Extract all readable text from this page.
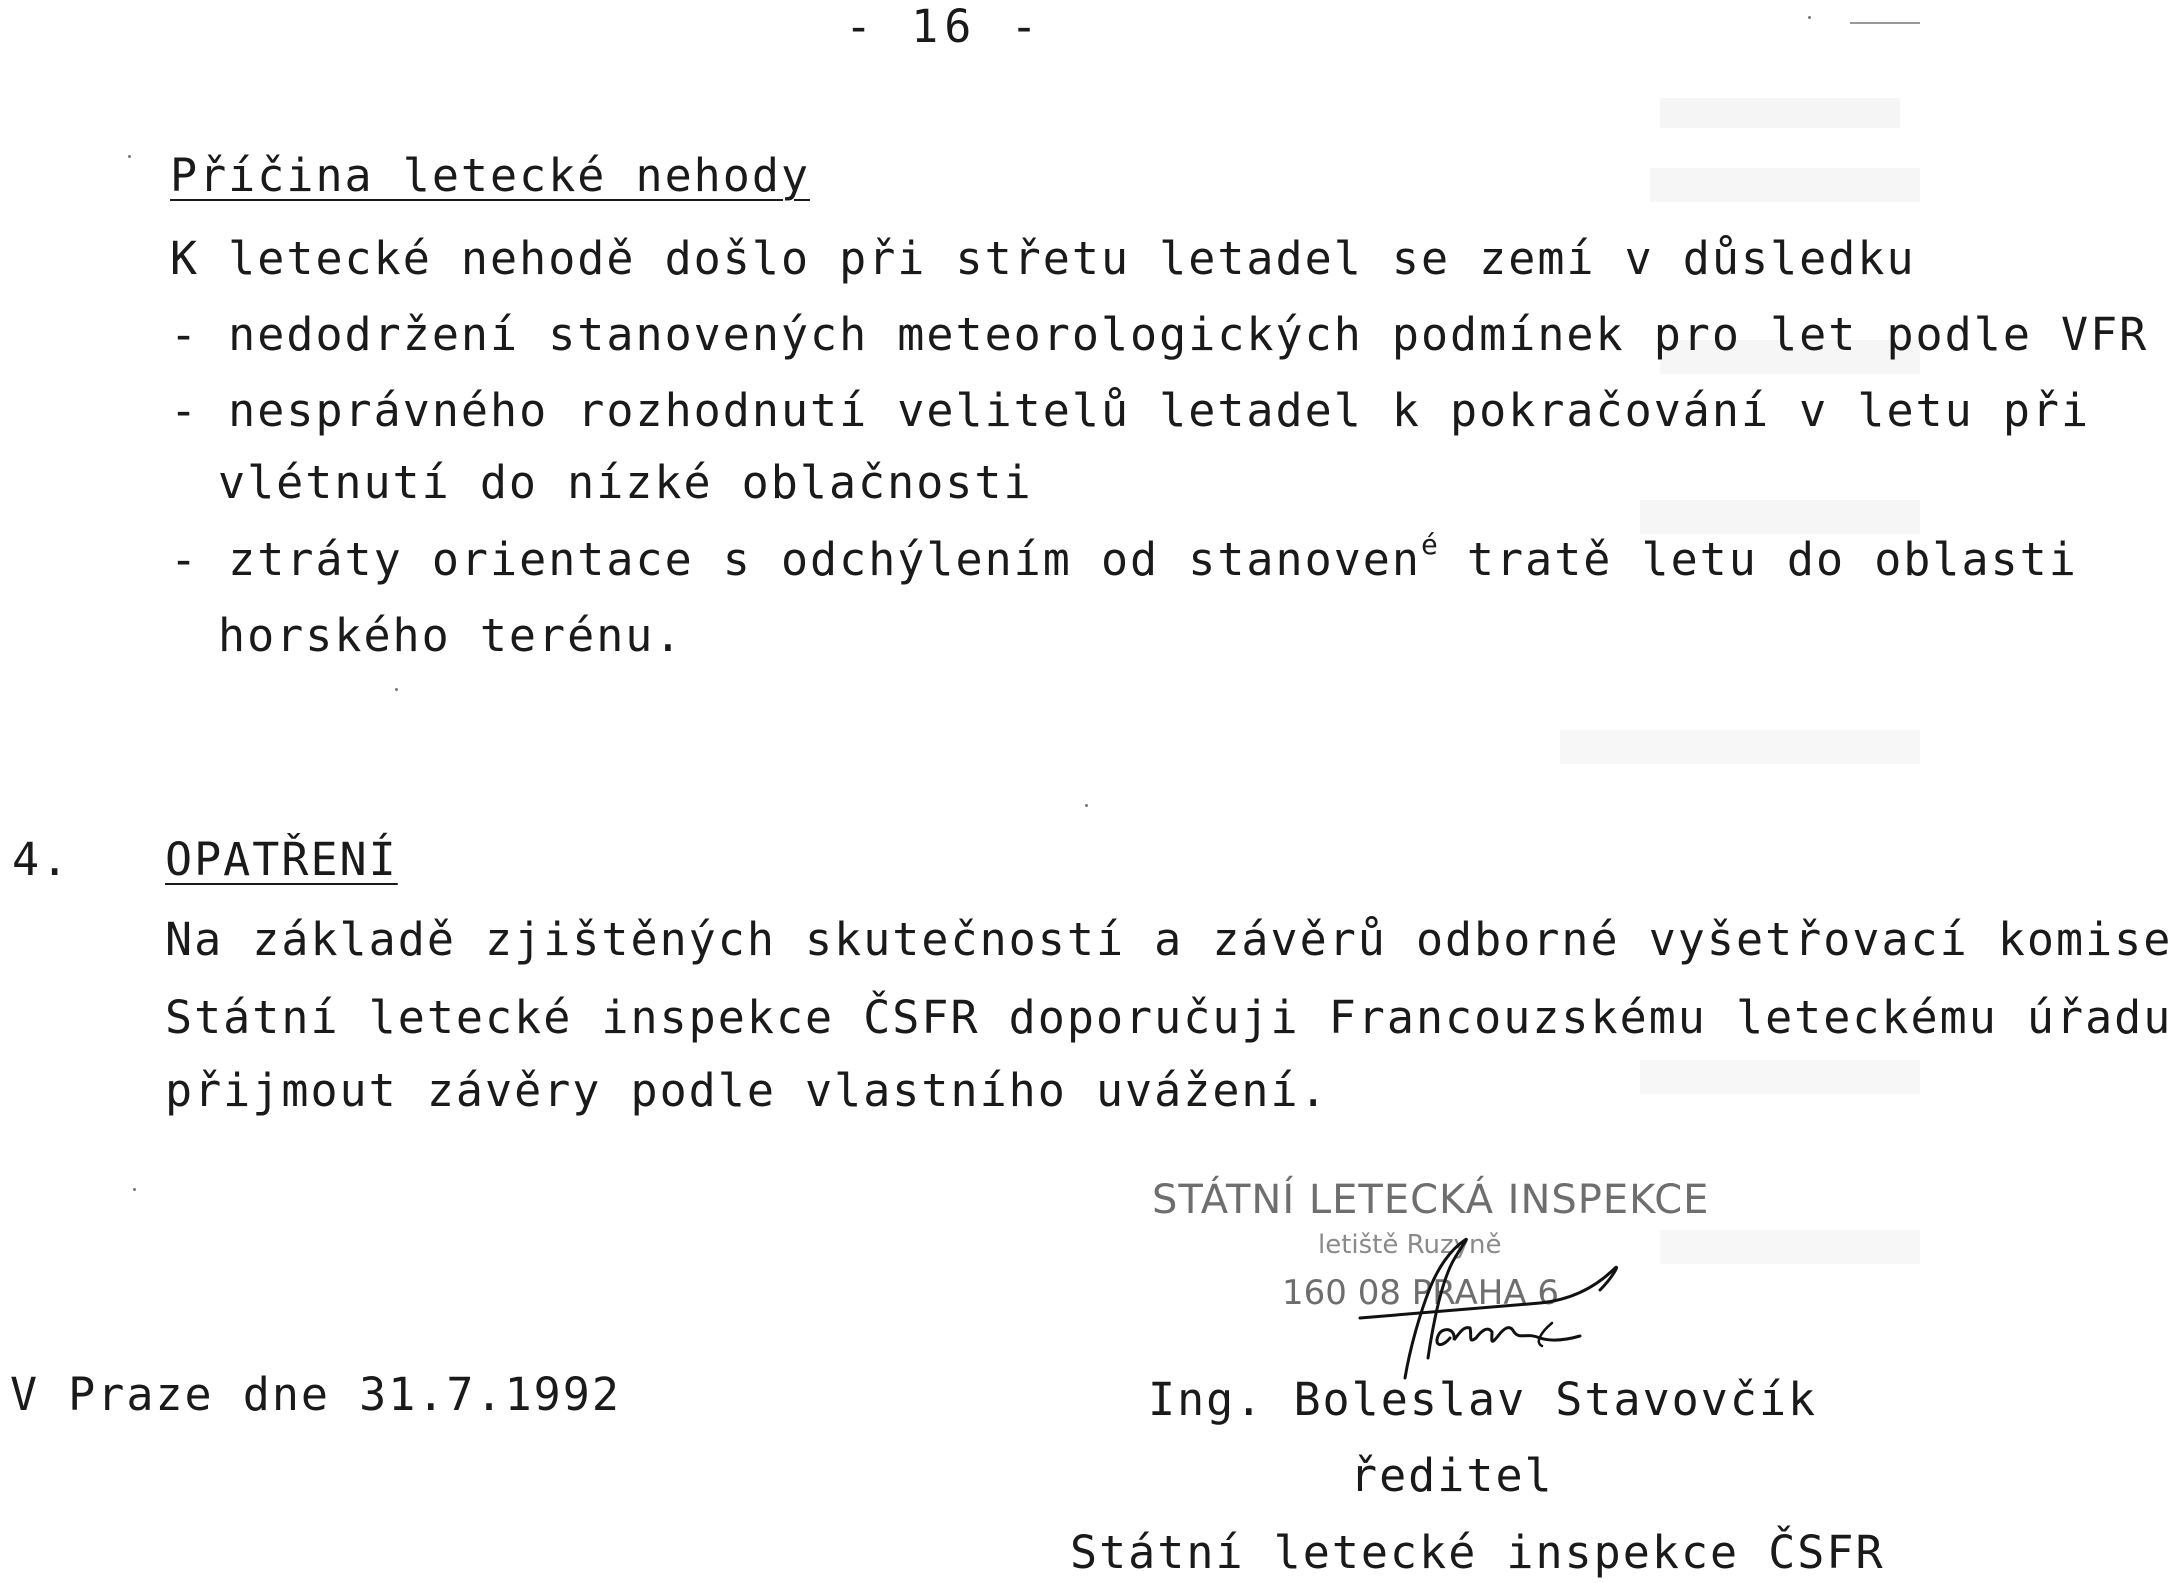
- 16 -
Příčina letecké nehody
K letecké nehodě došlo při střetu letadel se zemí v důsledku
- nedodržení stanovených meteorologických podmínek pro let podle VFR
- nesprávného rozhodnutí velitelů letadel k pokračování v letu při
vlétnutí do nízké oblačnosti
- ztráty orientace s odchýlením od stanoven$^é$ tratě letu do oblasti
horského terénu.
4. OPATŘENÍ
Na základě zjištěných skutečností a závěrů odborné vyšetřovací komise
Státní letecké inspekce ČSFR doporučuji Francouzskému leteckému úřadu
přijmout závěry podle vlastního uvážení.
STÁTNÍ LETECKÁ INSPEKCE
letiště Ruzyně
160 08 PRAHA 6
V Praze dne 31.7.1992	Ing. Boleslav Stavovčík
ředitel
Státní letecké inspekce ČSFR
